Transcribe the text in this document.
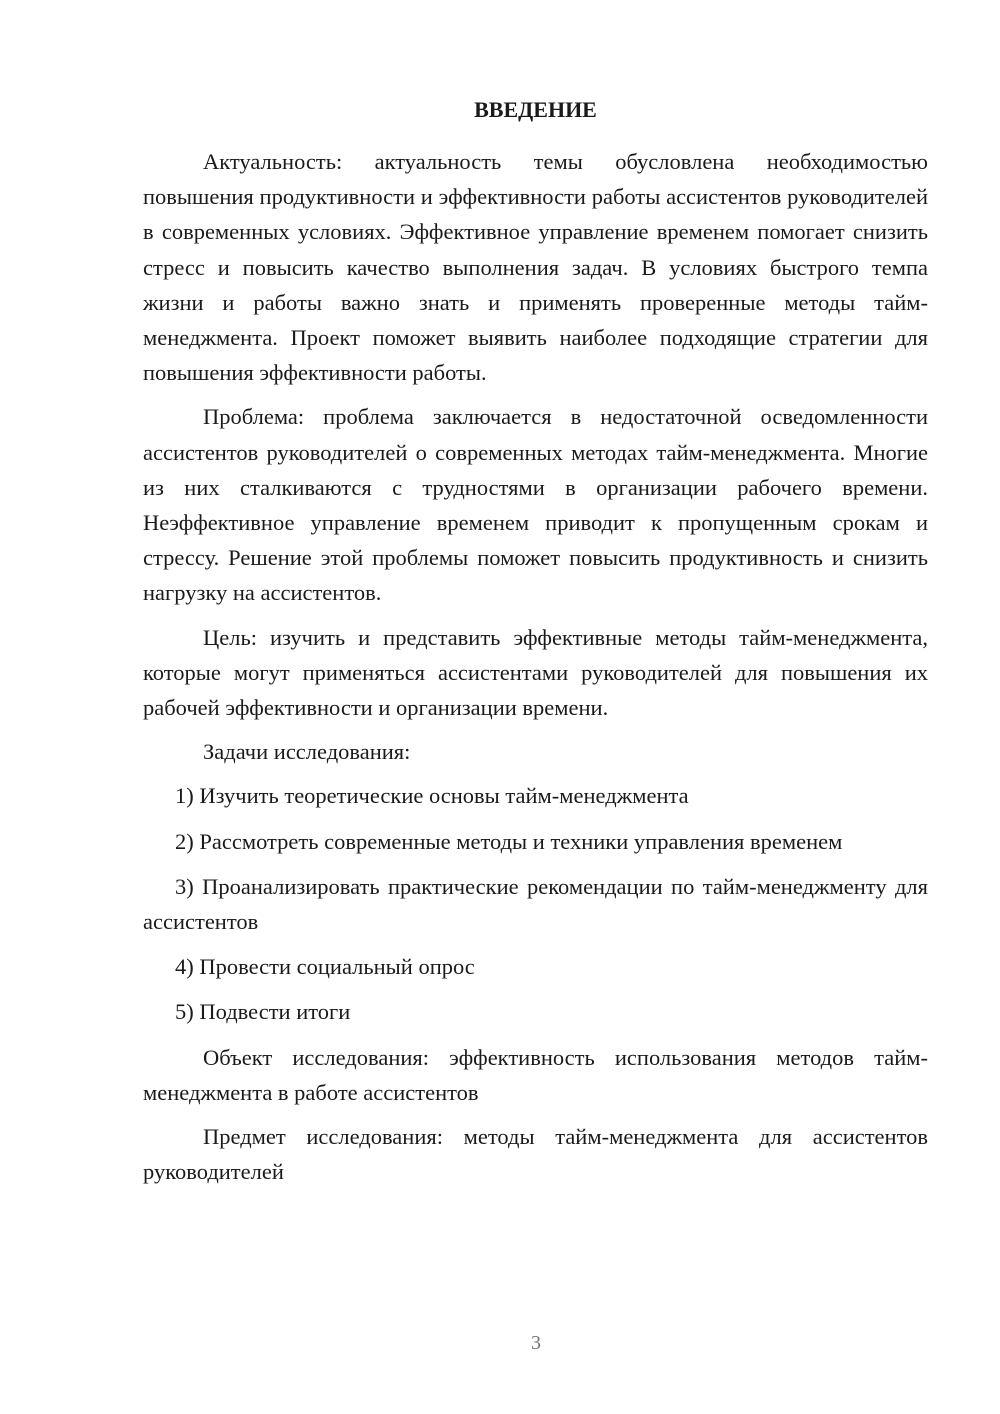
ВВЕДЕНИЕ

Актуальность: актуальность темы обусловлена необходимостью повышения продуктивности и эффективности работы ассистентов руководителей в современных условиях. Эффективное управление временем помогает снизить стресс и повысить качество выполнения задач. В условиях быстрого темпа жизни и работы важно знать и применять проверенные методы тайм-менеджмента. Проект поможет выявить наиболее подходящие стратегии для повышения эффективности работы.

Проблема: проблема заключается в недостаточной осведомленности ассистентов руководителей о современных методах тайм-менеджмента. Многие из них сталкиваются с трудностями в организации рабочего времени. Неэффективное управление временем приводит к пропущенным срокам и стрессу. Решение этой проблемы поможет повысить продуктивность и снизить нагрузку на ассистентов.

Цель: изучить и представить эффективные методы тайм-менеджмента, которые могут применяться ассистентами руководителей для повышения их рабочей эффективности и организации времени.

Задачи исследования:

1) Изучить теоретические основы тайм-менеджмента

2) Рассмотреть современные методы и техники управления временем

3) Проанализировать практические рекомендации по тайм-менеджменту для ассистентов

4) Провести социальный опрос

5) Подвести итоги

Объект исследования: эффективность использования методов тайм-менеджмента в работе ассистентов

Предмет исследования: методы тайм-менеджмента для ассистентов руководителей

3
